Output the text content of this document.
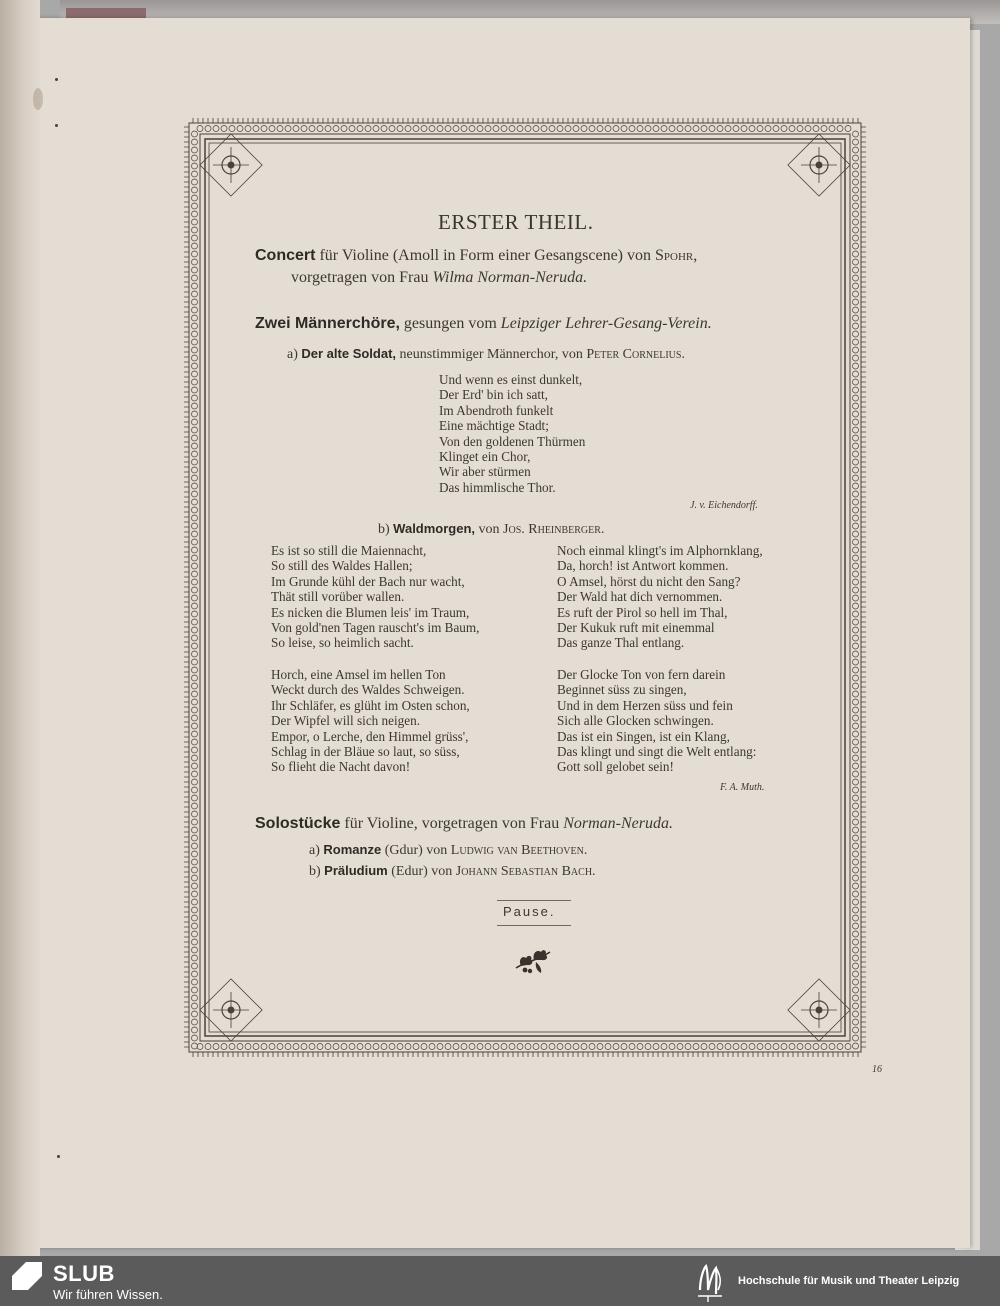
ERSTER THEIL.
Concert für Violine (Amoll in Form einer Gesangscene) von Spohr,
vorgetragen von Frau Wilma Norman-Neruda.
Zwei Männerchöre, gesungen vom Leipziger Lehrer-Gesang-Verein.
a) Der alte Soldat, neunstimmiger Männerchor, von Peter Cornelius.
Und wenn es einst dunkelt,
Der Erd' bin ich satt,
Im Abendroth funkelt
Eine mächtige Stadt;
Von den goldenen Thürmen
Klinget ein Chor,
Wir aber stürmen
Das himmlische Thor.
J. v. Eichendorff.
b) Waldmorgen, von Jos. Rheinberger.
Es ist so still die Maiennacht,
So still des Waldes Hallen;
Im Grunde kühl der Bach nur wacht,
Thät still vorüber wallen.
Es nicken die Blumen leis' im Traum,
Von gold'nen Tagen rauscht's im Baum,
So leise, so heimlich sacht.
Noch einmal klingt's im Alphornklang,
Da, horch! ist Antwort kommen.
O Amsel, hörst du nicht den Sang?
Der Wald hat dich vernommen.
Es ruft der Pirol so hell im Thal,
Der Kukuk ruft mit einemmal
Das ganze Thal entlang.
Horch, eine Amsel im hellen Ton
Weckt durch des Waldes Schweigen.
Ihr Schläfer, es glüht im Osten schon,
Der Wipfel will sich neigen.
Empor, o Lerche, den Himmel grüss',
Schlag in der Bläue so laut, so süss,
So flieht die Nacht davon!
Der Glocke Ton von fern darein
Beginnet süss zu singen,
Und in dem Herzen süss und fein
Sich alle Glocken schwingen.
Das ist ein Singen, ist ein Klang,
Das klingt und singt die Welt entlang:
Gott soll gelobet sein!
F. A. Muth.
Solostücke für Violine, vorgetragen von Frau Norman-Neruda.
a) Romanze (Gdur) von Ludwig van Beethoven.
b) Präludium (Edur) von Johann Sebastian Bach.
Pause.
16
SLUB
Wir führen Wissen.
Hochschule für Musik und Theater Leipzig
